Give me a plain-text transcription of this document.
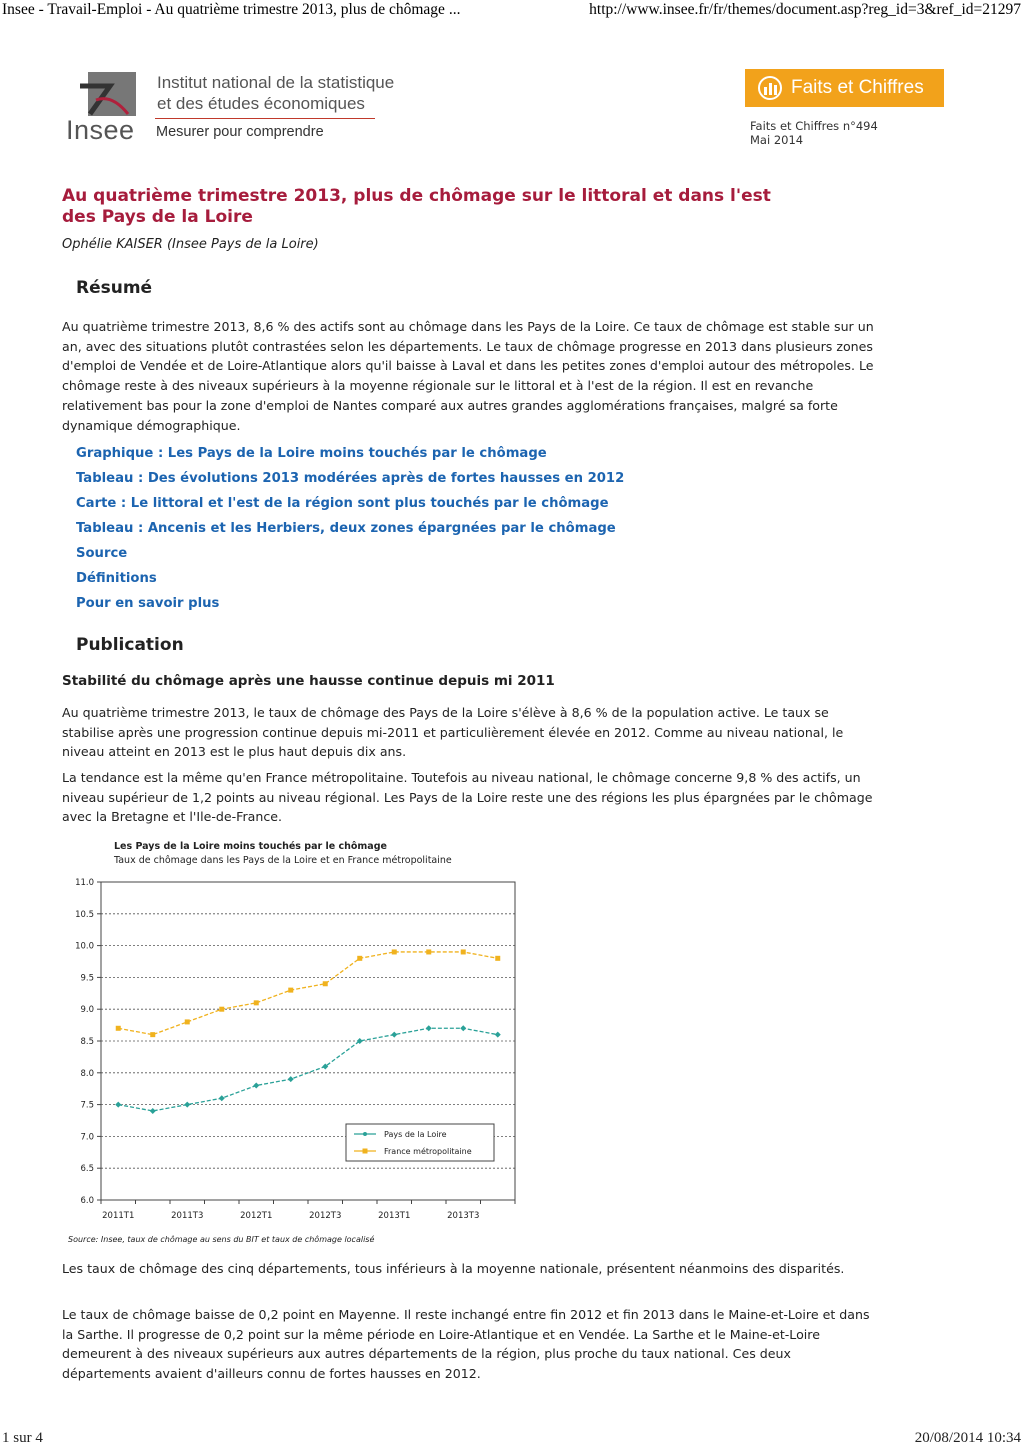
Insee - Travail-Emploi - Au quatrième trimestre 2013, plus de chômage ...	http://www.insee.fr/fr/themes/document.asp?reg_id=3&ref_id=21297
Insee
Institut national de la statistique
et des études économiques
Mesurer pour comprendre
Faits et Chiffres
Faits et Chiffres n°494
Mai 2014
Au quatrième trimestre 2013, plus de chômage sur le littoral et dans l'est des Pays de la Loire
Ophélie KAISER (Insee Pays de la Loire)
Résumé
Au quatrième trimestre 2013, 8,6 % des actifs sont au chômage dans les Pays de la Loire. Ce taux de chômage est stable sur un an, avec des situations plutôt contrastées selon les départements. Le taux de chômage progresse en 2013 dans plusieurs zones d'emploi de Vendée et de Loire-Atlantique alors qu'il baisse à Laval et dans les petites zones d'emploi autour des métropoles. Le chômage reste à des niveaux supérieurs à la moyenne régionale sur le littoral et à l'est de la région. Il est en revanche relativement bas pour la zone d'emploi de Nantes comparé aux autres grandes agglomérations françaises, malgré sa forte dynamique démographique.
Graphique : Les Pays de la Loire moins touchés par le chômage
Tableau : Des évolutions 2013 modérées après de fortes hausses en 2012
Carte : Le littoral et l'est de la région sont plus touchés par le chômage
Tableau : Ancenis et les Herbiers, deux zones épargnées par le chômage
Source
Définitions
Pour en savoir plus
Publication
Stabilité du chômage après une hausse continue depuis mi 2011
Au quatrième trimestre 2013, le taux de chômage des Pays de la Loire s'élève à 8,6 % de la population active. Le taux se stabilise après une progression continue depuis mi-2011 et particulièrement élevée en 2012. Comme au niveau national, le niveau atteint en 2013 est le plus haut depuis dix ans.
La tendance est la même qu'en France métropolitaine. Toutefois au niveau national, le chômage concerne 9,8 % des actifs, un niveau supérieur de 1,2 points au niveau régional. Les Pays de la Loire reste une des régions les plus épargnées par le chômage avec la Bretagne et l'Ile-de-France.
Les Pays de la Loire moins touchés par le chômage
Taux de chômage dans les Pays de la Loire et en France métropolitaine
6.0
6.5
7.0
7.5
8.0
8.5
9.0
9.5
10.0
10.5
11.0
2011T1	2011T3	2012T1	2012T3	2013T1	2013T3
Pays de la Loire
France métropolitaine
Source: Insee, taux de chômage au sens du BIT et taux de chômage localisé
Les taux de chômage des cinq départements, tous inférieurs à la moyenne nationale, présentent néanmoins des disparités.
Le taux de chômage baisse de 0,2 point en Mayenne. Il reste inchangé entre fin 2012 et fin 2013 dans le Maine-et-Loire et dans la Sarthe. Il progresse de 0,2 point sur la même période en Loire-Atlantique et en Vendée. La Sarthe et le Maine-et-Loire demeurent à des niveaux supérieurs aux autres départements de la région, plus proche du taux national. Ces deux départements avaient d'ailleurs connu de fortes hausses en 2012.
1 sur 4	20/08/2014 10:34
